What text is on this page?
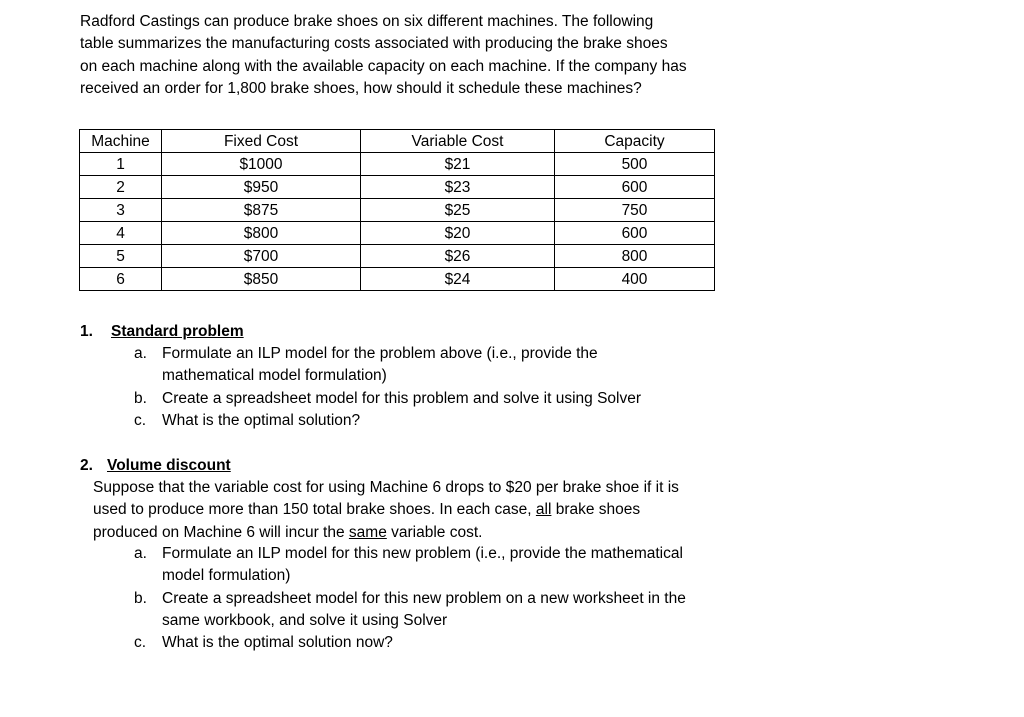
Radford Castings can produce brake shoes on six different machines. The following
table summarizes the manufacturing costs associated with producing the brake shoes
on each machine along with the available capacity on each machine. If the company has
received an order for 1,800 brake shoes, how should it schedule these machines?

Machine	Fixed Cost	Variable Cost	Capacity
1	$1000	$21	500
2	$950	$23	600
3	$875	$25	750
4	$800	$20	600
5	$700	$26	800
6	$850	$24	400
1. Standard problem
a. Formulate an ILP model for the problem above (i.e., provide the
mathematical model formulation)
b. Create a spreadsheet model for this problem and solve it using Solver
c. What is the optimal solution?
2. Volume discount
Suppose that the variable cost for using Machine 6 drops to $20 per brake shoe if it is
used to produce more than 150 total brake shoes. In each case, all brake shoes
produced on Machine 6 will incur the same variable cost.
a. Formulate an ILP model for this new problem (i.e., provide the mathematical
model formulation)
b. Create a spreadsheet model for this new problem on a new worksheet in the
same workbook, and solve it using Solver
c. What is the optimal solution now?
